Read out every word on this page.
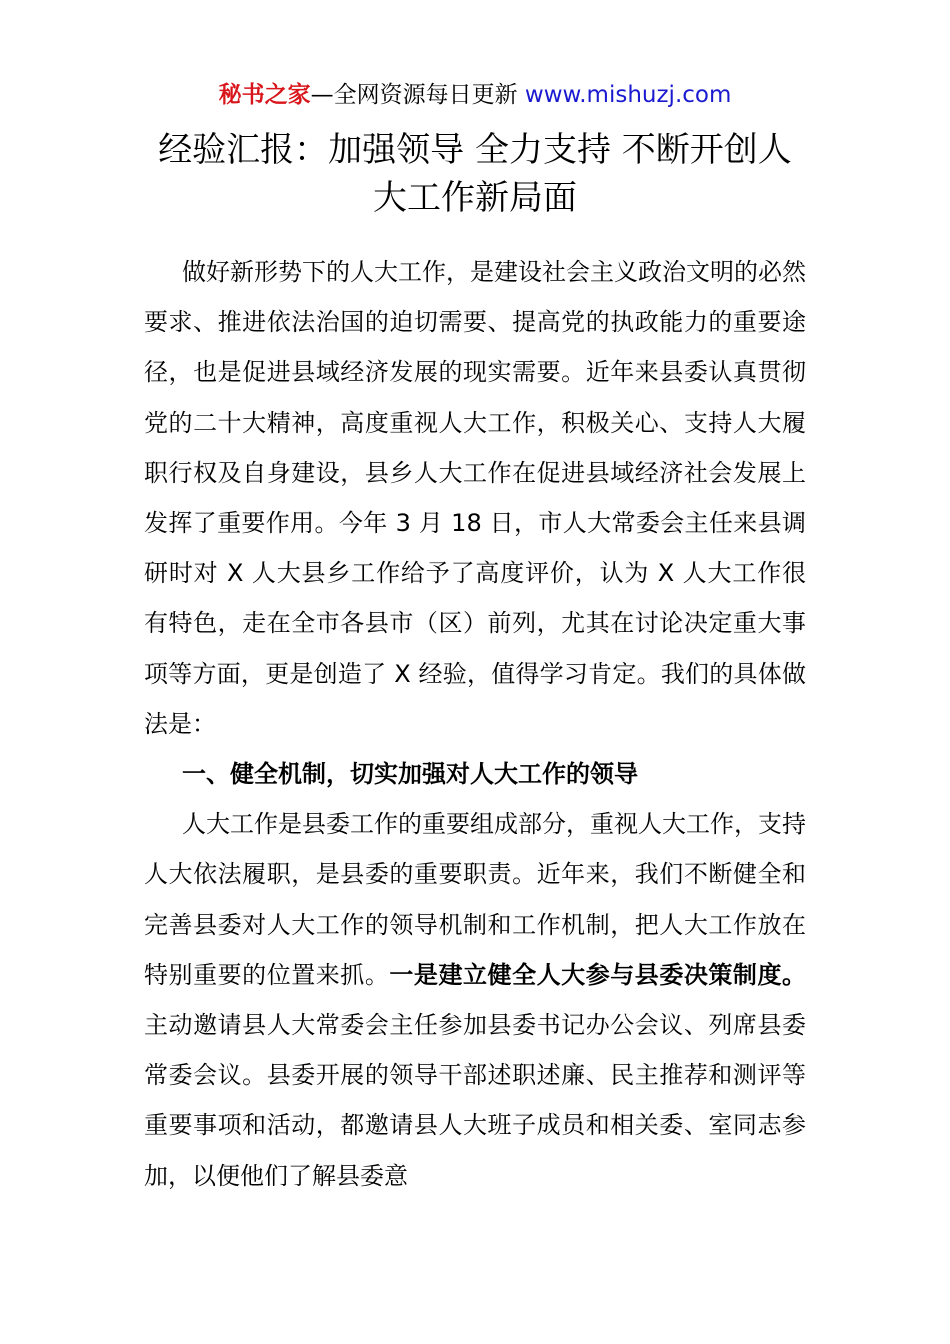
秘书之家—全网资源每日更新 www.mishuzj.com
经验汇报：加强领导 全力支持 不断开创人
大工作新局面

做好新形势下的人大工作，是建设社会主义政治文明的必然要求、推进依法治国的迫切需要、提高党的执政能力的重要途径，也是促进县域经济发展的现实需要。近年来县委认真贯彻党的二十大精神，高度重视人大工作，积极关心、支持人大履职行权及自身建设，县乡人大工作在促进县域经济社会发展上发挥了重要作用。今年 3 月 18 日，市人大常委会主任来县调研时对 X 人大县乡工作给予了高度评价，认为 X 人大工作很有特色，走在全市各县市（区）前列，尤其在讨论决定重大事项等方面，更是创造了 X 经验，值得学习肯定。我们的具体做法是：

一、健全机制，切实加强对人大工作的领导

人大工作是县委工作的重要组成部分，重视人大工作，支持人大依法履职，是县委的重要职责。近年来，我们不断健全和完善县委对人大工作的领导机制和工作机制，把人大工作放在特别重要的位置来抓。一是建立健全人大参与县委决策制度。主动邀请县人大常委会主任参加县委书记办公会议、列席县委常委会议。县委开展的领导干部述职述廉、民主推荐和测评等重要事项和活动，都邀请县人大班子成员和相关委、室同志参加，以便他们了解县委意
